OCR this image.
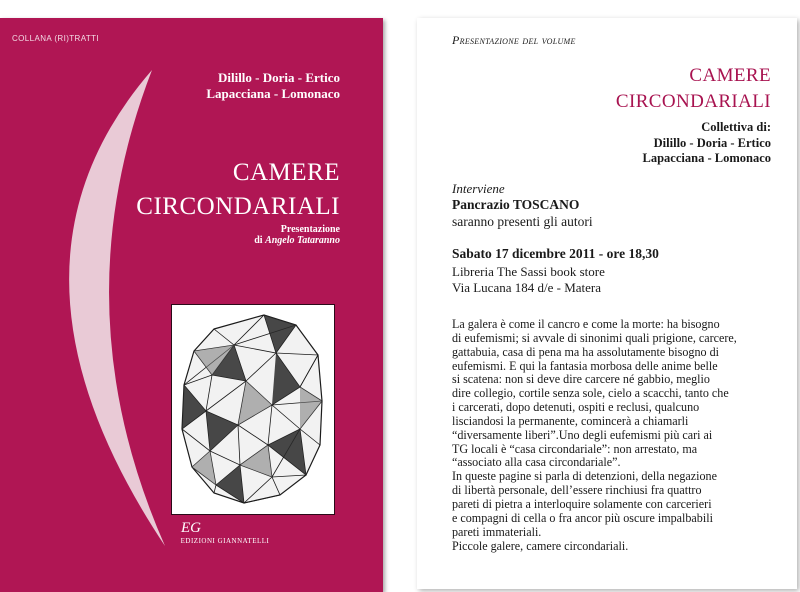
COLLANA (RI)TRATTI
Dilillo - Doria - Ertico
Lapacciana - Lomonaco
CAMERE
CIRCONDARIALI
Presentazione
di Angelo Tataranno
EG
EDIZIONI GIANNATELLI
Presentazione del volume
CAMERE
CIRCONDARIALI
Collettiva di:
Dilillo - Doria - Ertico
Lapacciana - Lomonaco
Interviene
Pancrazio TOSCANO
saranno presenti gli autori
Sabato 17 dicembre 2011 - ore 18,30
Libreria The Sassi book store
Via Lucana 184 d/e - Matera
La galera è come il cancro e come la morte: ha bisogno
di eufemismi; si avvale di sinonimi quali prigione, carcere,
gattabuia, casa di pena ma ha assolutamente bisogno di
eufemismi. E qui la fantasia morbosa delle anime belle
si scatena: non si deve dire carcere né gabbio, meglio
dire collegio, cortile senza sole, cielo a scacchi, tanto che
i carcerati, dopo detenuti, ospiti e reclusi, qualcuno
lisciandosi la permanente, comincerà a chiamarli
“diversamente liberi”.Uno degli eufemismi più cari ai
TG locali è “casa circondariale”: non arrestato, ma
“associato alla casa circondariale”.
In queste pagine si parla di detenzioni, della negazione
di libertà personale, dell’essere rinchiusi fra quattro
pareti di pietra a interloquire solamente con carcerieri
e compagni di cella o fra ancor più oscure impalbabili
pareti immateriali.
Piccole galere, camere circondariali.
